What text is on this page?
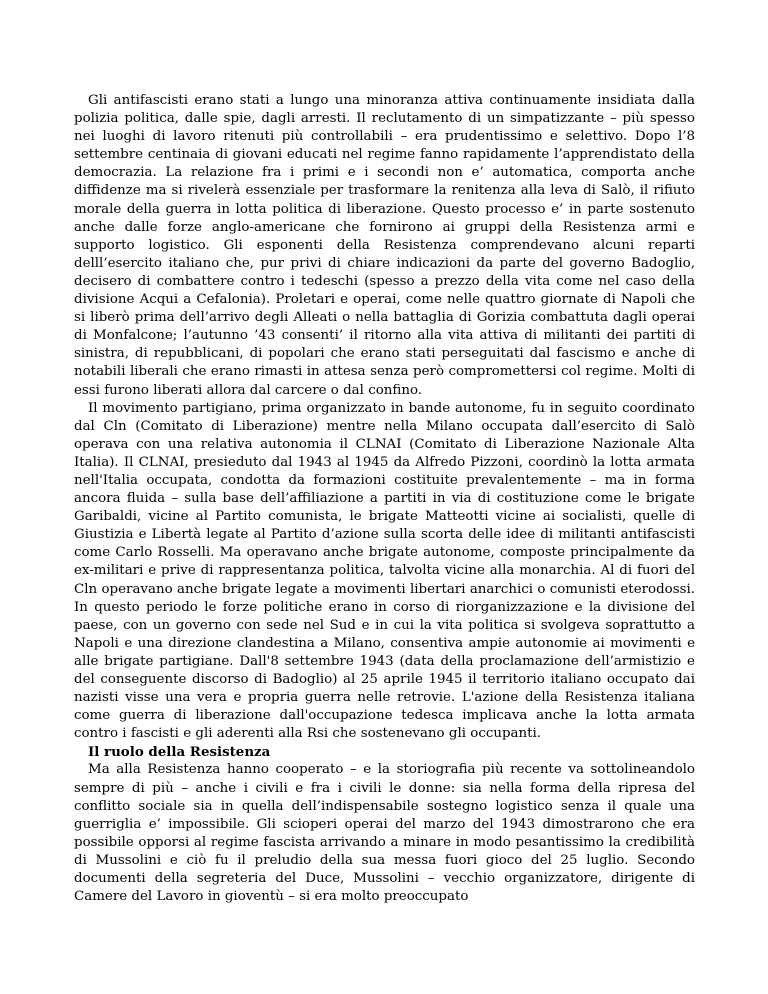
Gli antifascisti erano stati a lungo una minoranza attiva continuamente insidiata dalla polizia politica, dalle spie, dagli arresti. Il reclutamento di un simpatizzante – più spesso nei luoghi di lavoro ritenuti più controllabili – era prudentissimo e selettivo. Dopo l’8 settembre centinaia di giovani educati nel regime fanno rapidamente l’apprendistato della democrazia. La relazione fra i primi e i secondi non e’ automatica, comporta anche diffidenze ma si rivelerà essenziale per trasformare la renitenza alla leva di Salò, il rifiuto morale della guerra in lotta politica di liberazione. Questo processo e’ in parte sostenuto anche dalle forze anglo-americane che fornirono ai gruppi della Resistenza armi e supporto logistico. Gli esponenti della Resistenza comprendevano alcuni reparti delll’esercito italiano che, pur privi di chiare indicazioni da parte del governo Badoglio, decisero di combattere contro i tedeschi (spesso a prezzo della vita come nel caso della divisione Acqui a Cefalonia). Proletari e operai, come nelle quattro giornate di Napoli che si liberò prima dell’arrivo degli Alleati o nella battaglia di Gorizia combattuta dagli operai di Monfalcone; l’autunno ’43 consenti’ il ritorno alla vita attiva di militanti dei partiti di sinistra, di repubblicani, di popolari che erano stati perseguitati dal fascismo e anche di notabili liberali che erano rimasti in attesa senza però compromettersi col regime. Molti di essi furono liberati allora dal carcere o dal confino.

Il movimento partigiano, prima organizzato in bande autonome, fu in seguito coordinato dal Cln (Comitato di Liberazione) mentre nella Milano occupata dall’esercito di Salò operava con una relativa autonomia il CLNAI (Comitato di Liberazione Nazionale Alta Italia). Il CLNAI, presieduto dal 1943 al 1945 da Alfredo Pizzoni, coordinò la lotta armata nell'Italia occupata, condotta da formazioni costituite prevalentemente – ma in forma ancora fluida – sulla base dell’affiliazione a partiti in via di costituzione come le brigate Garibaldi, vicine al Partito comunista, le brigate Matteotti vicine ai socialisti, quelle di Giustizia e Libertà legate al Partito d’azione sulla scorta delle idee di militanti antifascisti come Carlo Rosselli. Ma operavano anche brigate autonome, composte principalmente da ex-militari e prive di rappresentanza politica, talvolta vicine alla monarchia. Al di fuori del Cln operavano anche brigate legate a movimenti libertari anarchici o comunisti eterodossi. In questo periodo le forze politiche erano in corso di riorganizzazione e la divisione del paese, con un governo con sede nel Sud e in cui la vita politica si svolgeva soprattutto a Napoli e una direzione clandestina a Milano, consentiva ampie autonomie ai movimenti e alle brigate partigiane. Dall'8 settembre 1943 (data della proclamazione dell’armistizio e del conseguente discorso di Badoglio) al 25 aprile 1945 il territorio italiano occupato dai nazisti visse una vera e propria guerra nelle retrovie. L'azione della Resistenza italiana come guerra di liberazione dall'occupazione tedesca implicava anche la lotta armata contro i fascisti e gli aderenti alla Rsi che sostenevano gli occupanti.

Il ruolo della Resistenza

Ma alla Resistenza hanno cooperato – e la storiografia più recente va sottolineandolo sempre di più – anche i civili e fra i civili le donne: sia nella forma della ripresa del conflitto sociale sia in quella dell’indispensabile sostegno logistico senza il quale una guerriglia e’ impossibile. Gli scioperi operai del marzo del 1943 dimostrarono che era possibile opporsi al regime fascista arrivando a minare in modo pesantissimo la credibilità di Mussolini e ciò fu il preludio della sua messa fuori gioco del 25 luglio. Secondo documenti della segreteria del Duce, Mussolini – vecchio organizzatore, dirigente di Camere del Lavoro in gioventù – si era molto preoccupato
